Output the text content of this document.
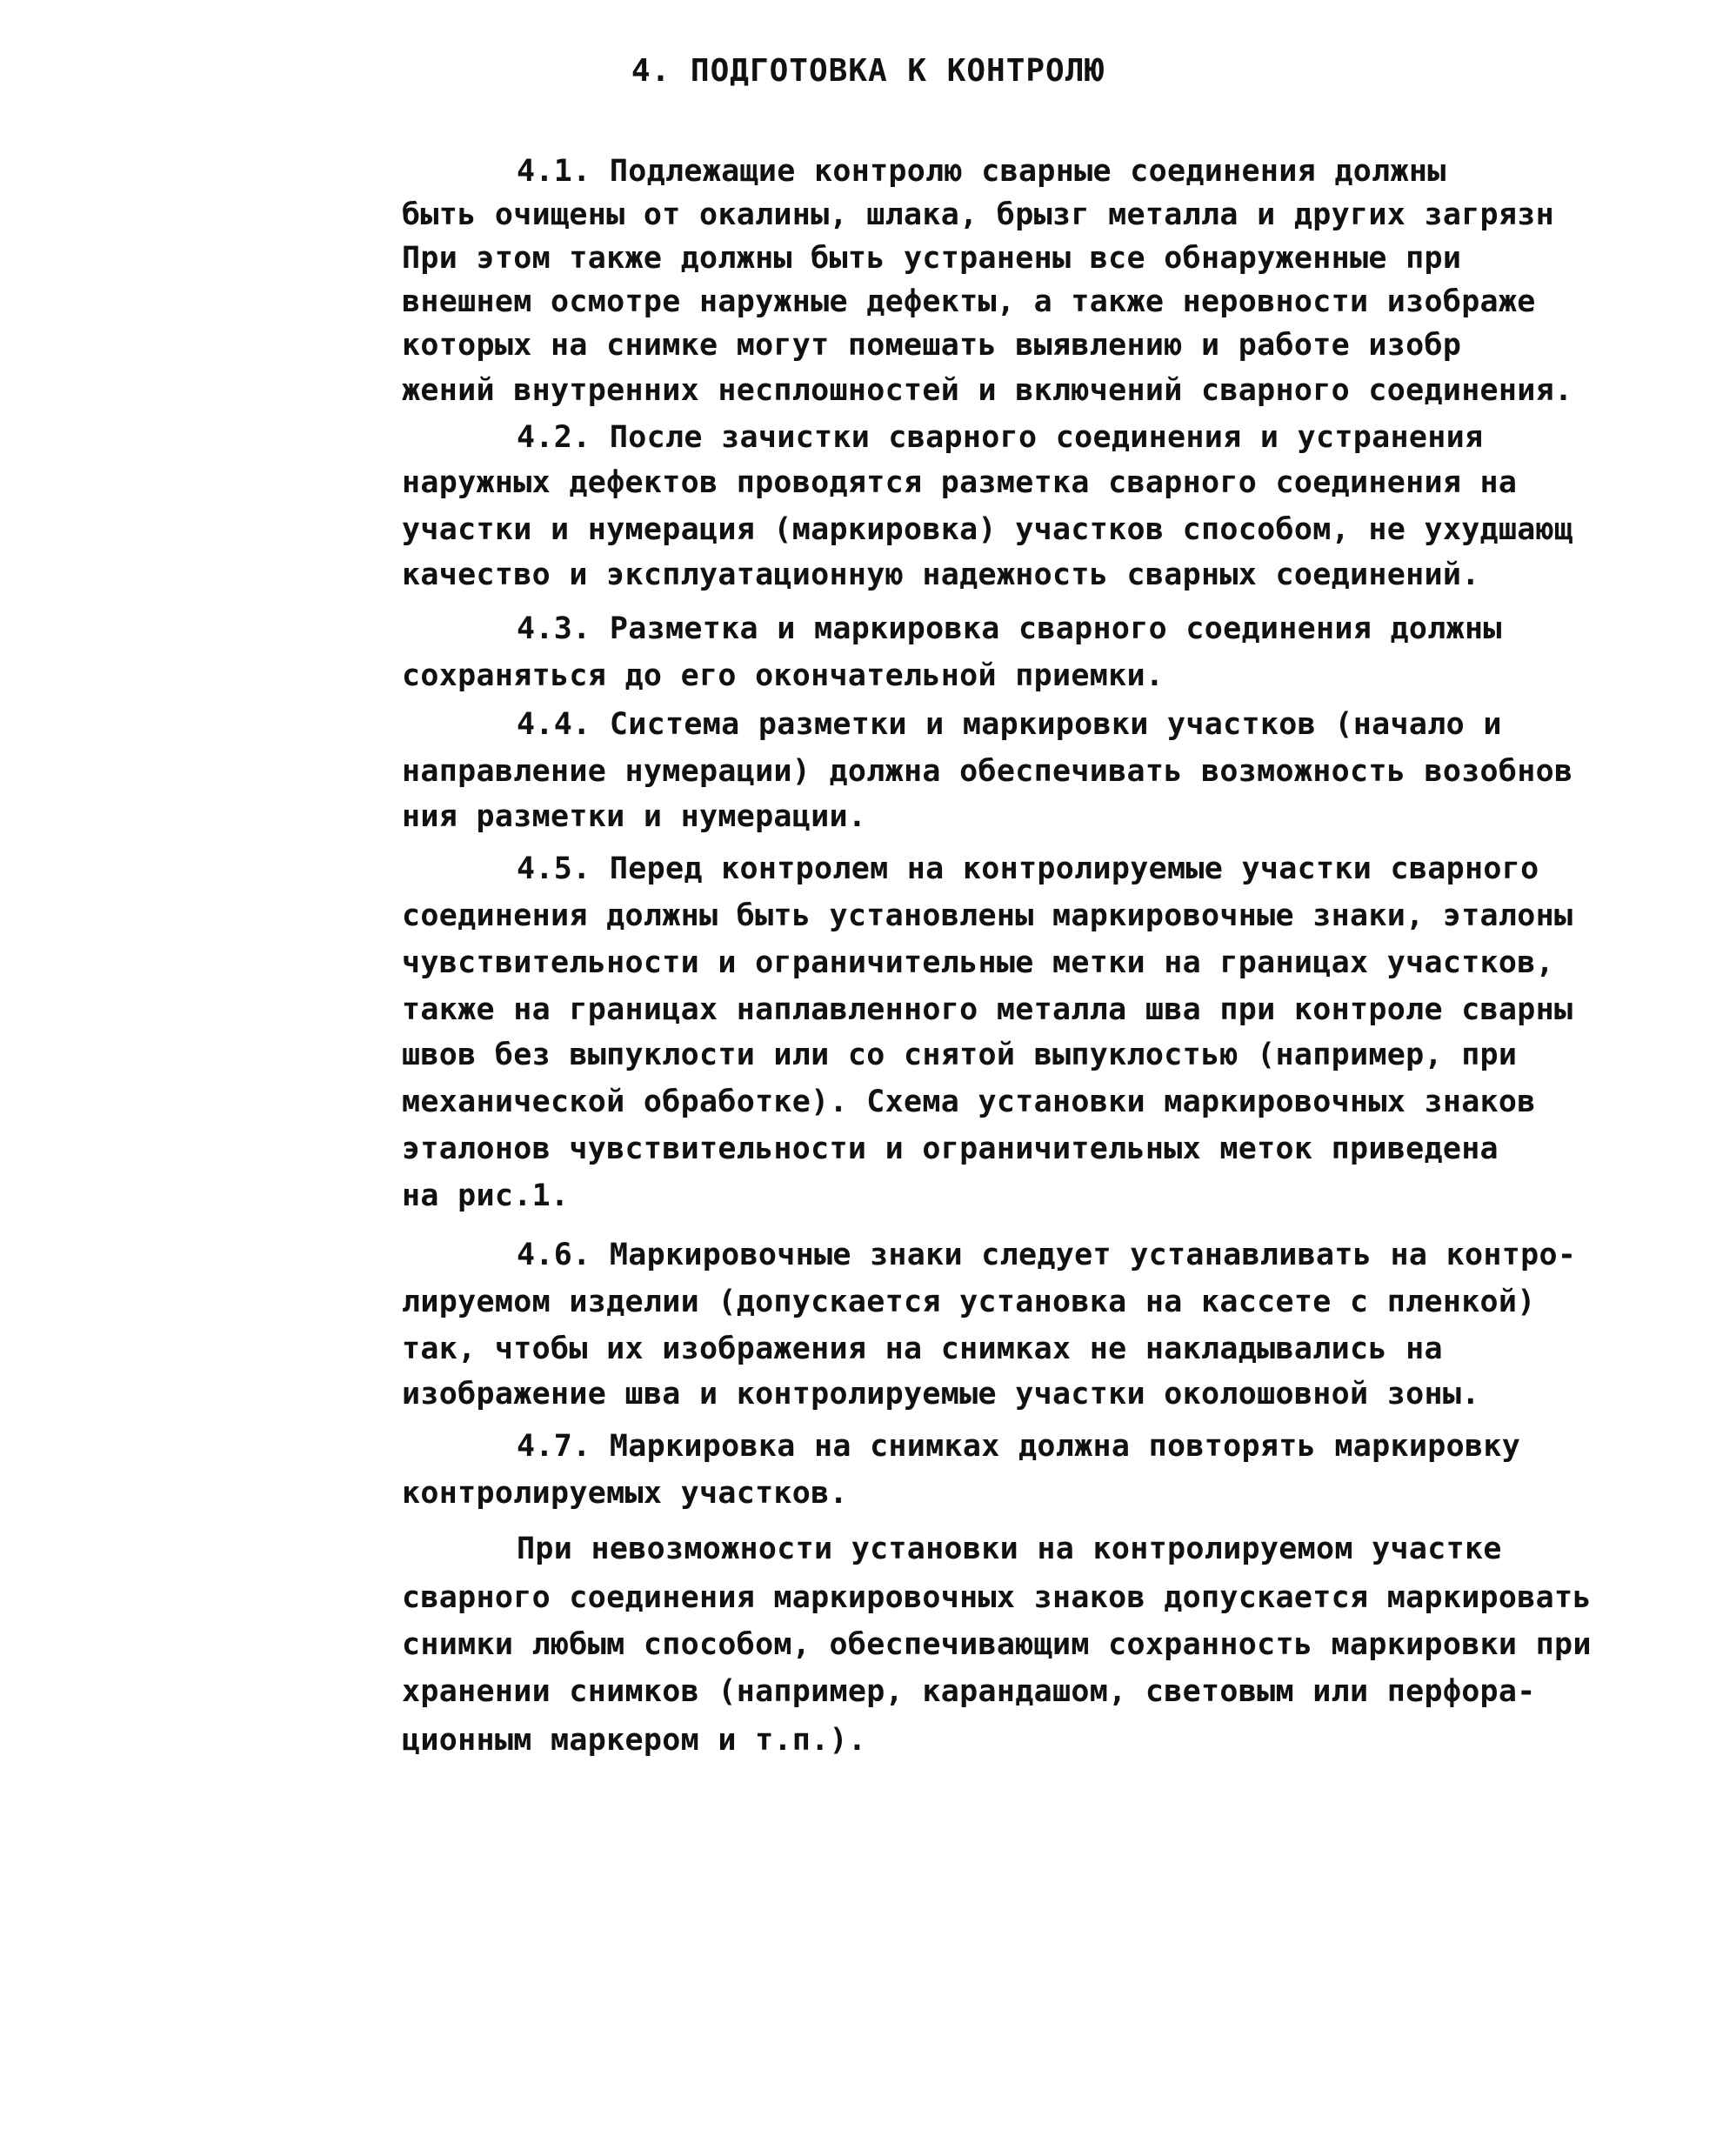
4. ПОДГОТОВКА К КОНТРОЛЮ
4.1. Подлежащие контролю сварные соединения должны
быть очищены от окалины, шлака, брызг металла и других загрязн
При этом также должны быть устранены все обнаруженные при
внешнем осмотре наружные дефекты, а также неровности изображе
которых на снимке могут помешать выявлению и работе изобр
жений внутренних несплошностей и включений сварного соединения.
4.2. После зачистки сварного соединения и устранения
наружных дефектов проводятся разметка сварного соединения на
участки и нумерация (маркировка) участков способом, не ухудшающ
качество и эксплуатационную надежность сварных соединений.
4.3. Разметка и маркировка сварного соединения должны
сохраняться до его окончательной приемки.
4.4. Система разметки и маркировки участков (начало и
направление нумерации) должна обеспечивать возможность возобнов
ния разметки и нумерации.
4.5. Перед контролем на контролируемые участки сварного
соединения должны быть установлены маркировочные знаки, эталоны
чувствительности и ограничительные метки на границах участков,
также на границах наплавленного металла шва при контроле сварны
швов без выпуклости или со снятой выпуклостью (например, при
механической обработке). Схема установки маркировочных знаков
эталонов чувствительности и ограничительных меток приведена
на рис.1.
4.6. Маркировочные знаки следует устанавливать на контро-
лируемом изделии (допускается установка на кассете с пленкой)
так, чтобы их изображения на снимках не накладывались на
изображение шва и контролируемые участки околошовной зоны.
4.7. Маркировка на снимках должна повторять маркировку
контролируемых участков.
При невозможности установки на контролируемом участке
сварного соединения маркировочных знаков допускается маркировать
снимки любым способом, обеспечивающим сохранность маркировки при
хранении снимков (например, карандашом, световым или перфора-
ционным маркером и т.п.).
